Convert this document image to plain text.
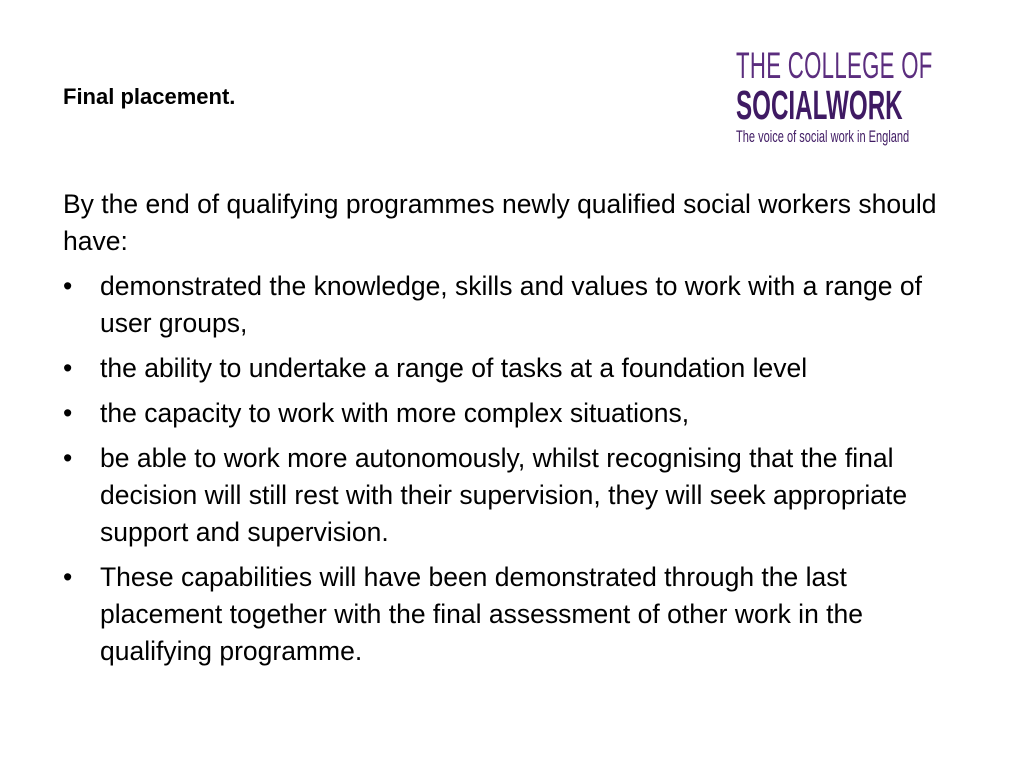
Final placement.
THE COLLEGE OF
SOCIALWORK
The voice of social work in England

By the end of qualifying programmes newly qualified social workers should have:

• demonstrated the knowledge, skills and values to work with a range of user groups,
• the ability to undertake a range of tasks at a foundation level
• the capacity to work with more complex situations,
• be able to work more autonomously, whilst recognising that the final decision will still rest with their supervision, they will seek appropriate support and supervision.
• These capabilities will have been demonstrated through the last placement together with the final assessment of other work in the qualifying programme.
